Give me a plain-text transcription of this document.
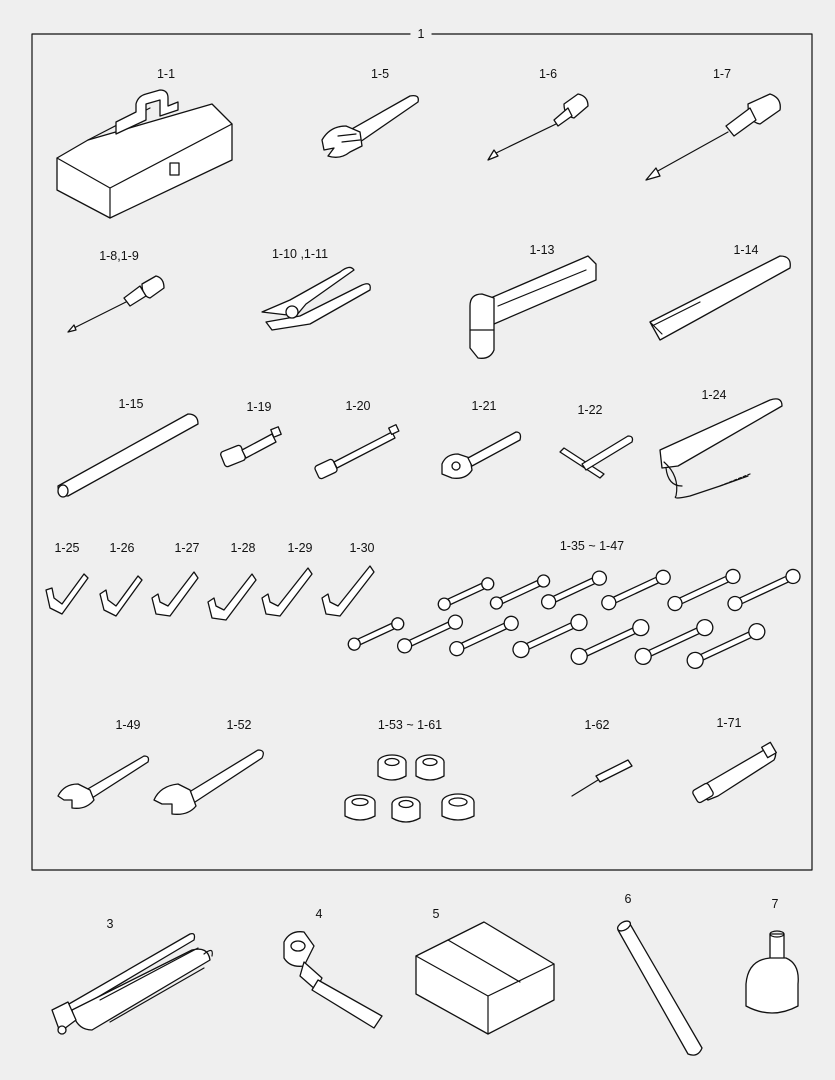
1
1-1	1-5	1-6	1-7
1-8,1-9	1-10 ,1-11	1-13	1-14
1-15	1-19	1-20	1-21	1-22
1-24
1-25 1-26	1-27 1-28	1-29	1-30	1-35 ~ 1-47
1-49	1-52	1-53 ~ 1-61	1-62	1-71
3
4	5
6	7
